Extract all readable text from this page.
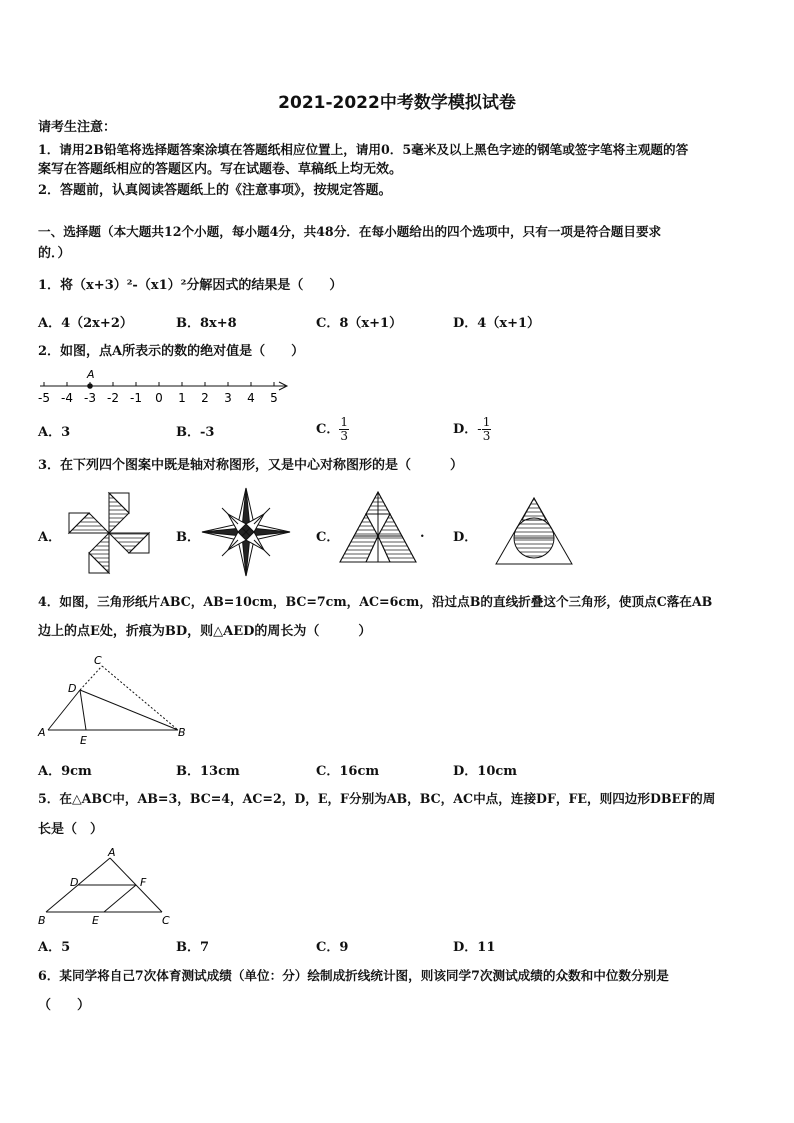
2021-2022中考数学模拟试卷
请考生注意：
1．请用2B铅笔将选择题答案涂填在答题纸相应位置上，请用0．5毫米及以上黑色字迹的钢笔或签字笔将主观题的答
案写在答题纸相应的答题区内。写在试题卷、草稿纸上均无效。
2．答题前，认真阅读答题纸上的《注意事项》，按规定答题。
一、选择题（本大题共12个小题，每小题4分，共48分．在每小题给出的四个选项中，只有一项是符合题目要求
的．）
1．将（x+3）²-（x1）²分解因式的结果是（　　）
A．4（2x+2）	B．8x+8	C．8（x+1）	D．4（x+1）
2．如图，点A所表示的数的绝对值是（　　）
-5 -4 -3 -2 -1 0 1 2 3 4 5
A
A．3	B．-3	C． $\frac{1}{3}$	D．- $\frac{1}{3}$
3．在下列四个图案中既是轴对称图形，又是中心对称图形的是（　　　）
A．	B．	C．	. D．
4．如图，三角形纸片ABC，AB=10cm，BC=7cm，AC=6cm，沿过点B的直线折叠这个三角形，使顶点C落在AB
边上的点E处，折痕为BD，则△AED的周长为（　　　）
C
D
A
E
B
A．9cm	B．13cm	C．16cm	D．10cm
5．在△ABC中，AB=3，BC=4，AC=2，D，E，F分别为AB，BC，AC中点，连接DF，FE，则四边形DBEF的周
长是（　）
A
D	F
B	E	C
A．5	B．7	C．9	D．11
6．某同学将自己7次体育测试成绩（单位：分）绘制成折线统计图，则该同学7次测试成绩的众数和中位数分别是
（　　）
